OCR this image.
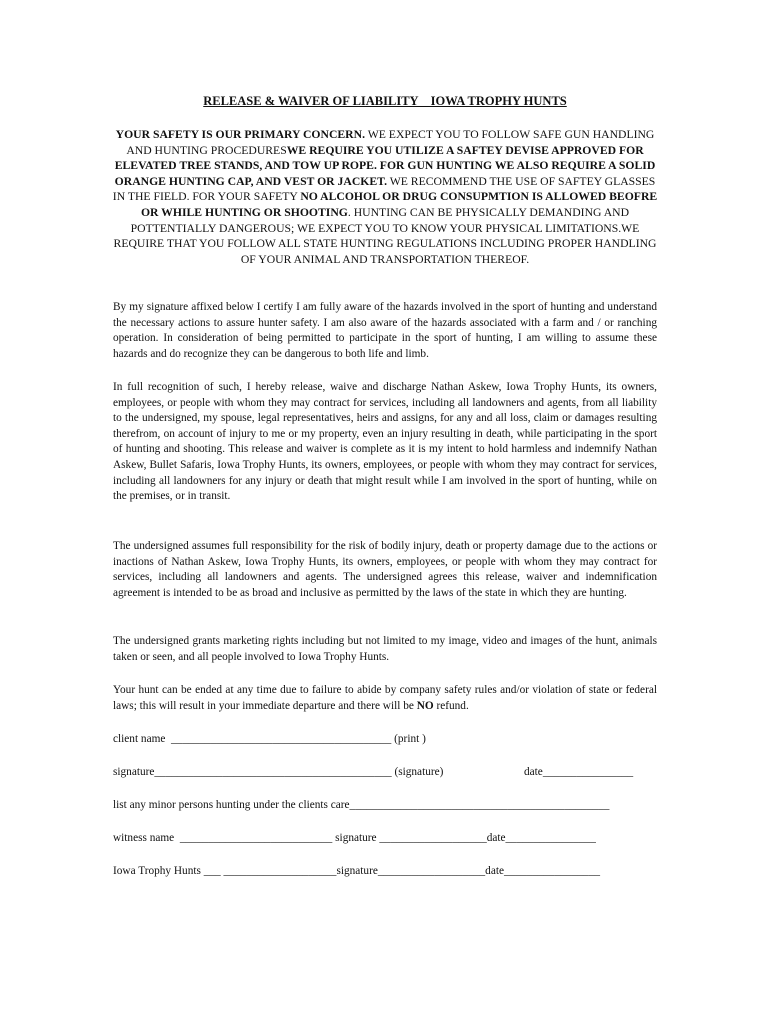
RELEASE & WAIVER OF LIABILITY _ IOWA TROPHY HUNTS
YOUR SAFETY IS OUR PRIMARY CONCERN. WE EXPECT YOU TO FOLLOW SAFE GUN HANDLING AND HUNTING PROCEDURESWE REQUIRE YOU UTILIZE A SAFTEY DEVISE APPROVED FOR ELEVATED TREE STANDS, AND TOW UP ROPE. FOR GUN HUNTING WE ALSO REQUIRE A SOLID ORANGE HUNTING CAP, AND VEST OR JACKET. WE RECOMMEND THE USE OF SAFTEY GLASSES IN THE FIELD. FOR YOUR SAFETY NO ALCOHOL OR DRUG CONSUPMTION IS ALLOWED BEOFRE OR WHILE HUNTING OR SHOOTING. HUNTING CAN BE PHYSICALLY DEMANDING AND POTTENTIALLY DANGEROUS; WE EXPECT YOU TO KNOW YOUR PHYSICAL LIMITATIONS.WE REQUIRE THAT YOU FOLLOW ALL STATE HUNTING REGULATIONS INCLUDING PROPER HANDLING OF YOUR ANIMAL AND TRANSPORTATION THEREOF.
By my signature affixed below I certify I am fully aware of the hazards involved in the sport of hunting and understand the necessary actions to assure hunter safety. I am also aware of the hazards associated with a farm and / or ranching operation. In consideration of being permitted to participate in the sport of hunting, I am willing to assume these hazards and do recognize they can be dangerous to both life and limb.
In full recognition of such, I hereby release, waive and discharge Nathan Askew, Iowa Trophy Hunts, its owners, employees, or people with whom they may contract for services, including all landowners and agents, from all liability to the undersigned, my spouse, legal representatives, heirs and assigns, for any and all loss, claim or damages resulting therefrom, on account of injury to me or my property, even an injury resulting in death, while participating in the sport of hunting and shooting. This release and waiver is complete as it is my intent to hold harmless and indemnify Nathan Askew, Bullet Safaris, Iowa Trophy Hunts, its owners, employees, or people with whom they may contract for services, including all landowners for any injury or death that might result while I am involved in the sport of hunting, while on the premises, or in transit.
The undersigned assumes full responsibility for the risk of bodily injury, death or property damage due to the actions or inactions of Nathan Askew, Iowa Trophy Hunts, its owners, employees, or people with whom they may contract for services, including all landowners and agents. The undersigned agrees this release, waiver and indemnification agreement is intended to be as broad and inclusive as permitted by the laws of the state in which they are hunting.
The undersigned grants marketing rights including but not limited to my image, video and images of the hunt, animals taken or seen, and all people involved to Iowa Trophy Hunts.
Your hunt can be ended at any time due to failure to abide by company safety rules and/or violation of state or federal laws; this will result in your immediate departure and there will be NO refund.
client name  _______________________________________ (print )
signature__________________________________________ (signature)	date________________
list any minor persons hunting under the clients care______________________________________________
witness name  ___________________________ signature ___________________date________________
Iowa Trophy Hunts ___ ____________________signature___________________date_________________
